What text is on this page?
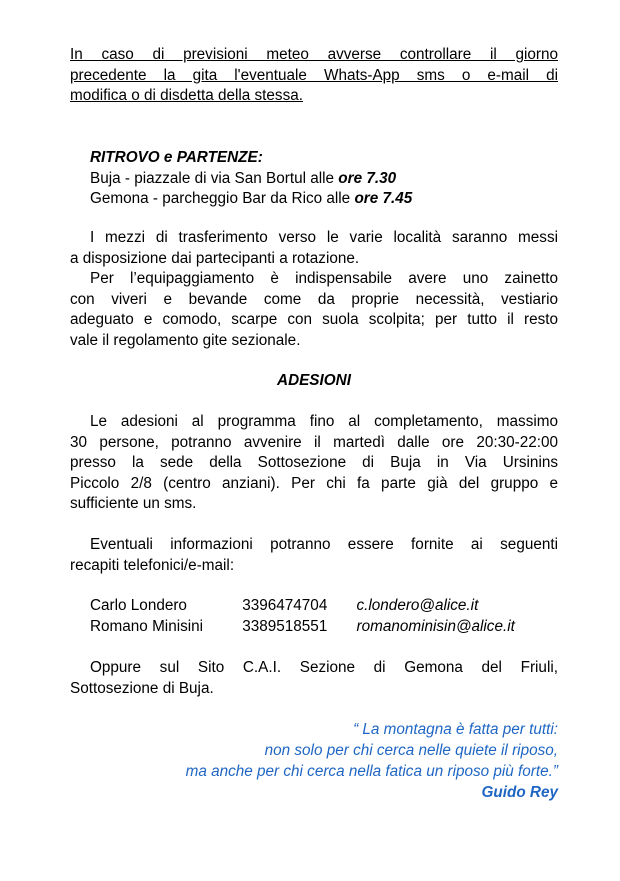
In caso di previsioni meteo avverse controllare il giorno
precedente la gita l'eventuale Whats-App sms o e-mail di
modifica o di disdetta della stessa.
RITROVO e PARTENZE:
Buja - piazzale di via San Bortul alle ore 7.30
Gemona - parcheggio Bar da Rico alle ore 7.45
I mezzi di trasferimento verso le varie località saranno messi
a disposizione dai partecipanti a rotazione.
Per l’equipaggiamento è indispensabile avere uno zainetto
con viveri e bevande come da proprie necessità, vestiario
adeguato e comodo, scarpe con suola scolpita; per tutto il resto
vale il regolamento gite sezionale.
ADESIONI
Le adesioni al programma fino al completamento, massimo
30 persone, potranno avvenire il martedì dalle ore 20:30-22:00
presso la sede della Sottosezione di Buja in Via Ursinins
Piccolo 2/8 (centro anziani). Per chi fa parte già del gruppo e
sufficiente un sms.
Eventuali informazioni potranno essere fornite ai seguenti
recapiti telefonici/e-mail:
Carlo Londero	3396474704 c.londero@alice.it
Romano Minisini	3389518551 romanominisin@alice.it
Oppure sul Sito C.A.I. Sezione di Gemona del Friuli,
Sottosezione di Buja.
“ La montagna è fatta per tutti:
non solo per chi cerca nelle quiete il riposo,
ma anche per chi cerca nella fatica un riposo più forte.”
Guido Rey
